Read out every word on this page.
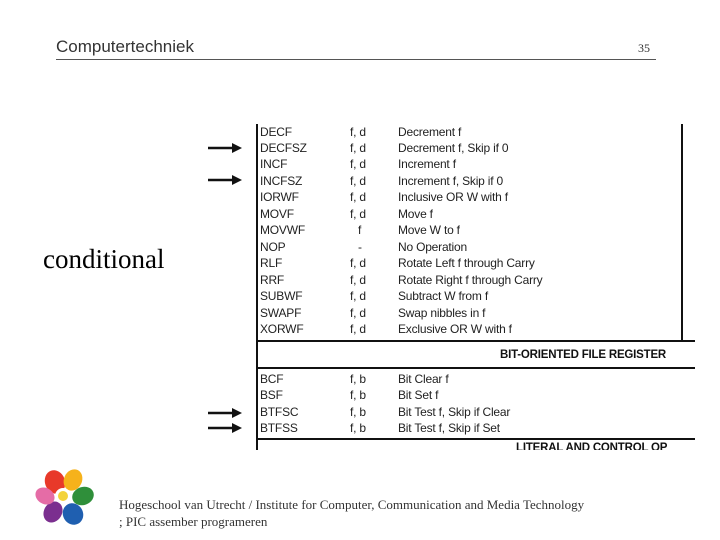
Computertechniek	35
conditional
DECF	f, d	Decrement f
DECFSZ	f, d	Decrement f, Skip if 0
INCF	f, d	Increment f
INCFSZ	f, d	Increment f, Skip if 0
IORWF	f, d	Inclusive OR W with f
MOVF	f, d	Move f
MOVWF	f	Move W to f
NOP	-	No Operation
RLF	f, d	Rotate Left f through Carry
RRF	f, d	Rotate Right f through Carry
SUBWF	f, d	Subtract W from f
SWAPF	f, d	Swap nibbles in f
XORWF	f, d	Exclusive OR W with f
BIT-ORIENTED FILE REGISTER
BCF	f, b	Bit Clear f
BSF	f, b	Bit Set f
BTFSC	f, b	Bit Test f, Skip if Clear
BTFSS	f, b	Bit Test f, Skip if Set
LITERAL AND CONTROL OP
Hogeschool van Utrecht / Institute for Computer, Communication and Media Technology
; PIC assember programeren
